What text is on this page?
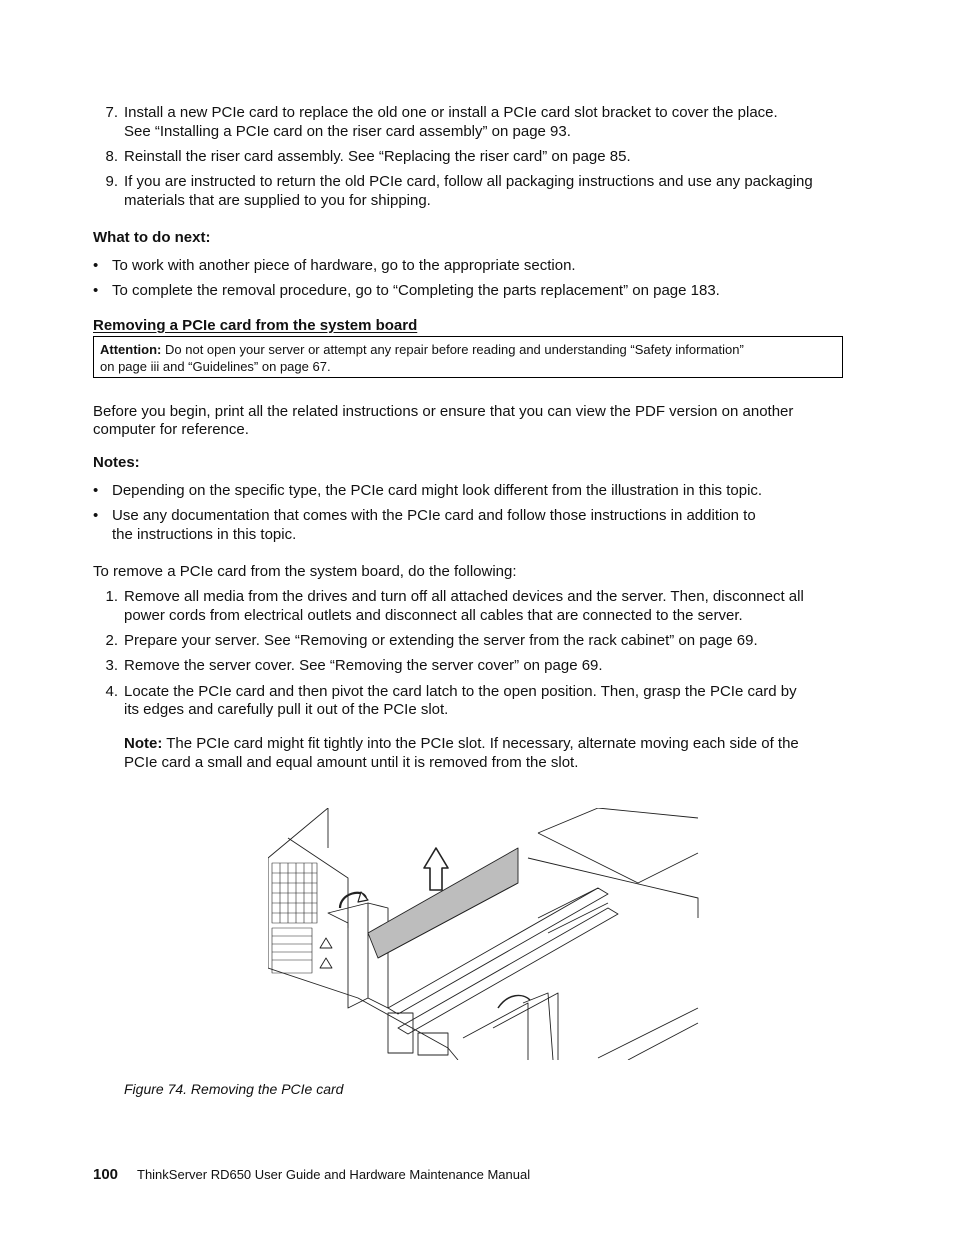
7. Install a new PCIe card to replace the old one or install a PCIe card slot bracket to cover the place.
See “Installing a PCIe card on the riser card assembly” on page 93.
8. Reinstall the riser card assembly. See “Replacing the riser card” on page 85.
9. If you are instructed to return the old PCIe card, follow all packaging instructions and use any packaging
materials that are supplied to you for shipping.
What to do next:
• To work with another piece of hardware, go to the appropriate section.
• To complete the removal procedure, go to “Completing the parts replacement” on page 183.
Removing a PCIe card from the system board
Attention: Do not open your server or attempt any repair before reading and understanding “Safety information”
on page iii and “Guidelines” on page 67.
Before you begin, print all the related instructions or ensure that you can view the PDF version on another
computer for reference.
Notes:
• Depending on the specific type, the PCIe card might look different from the illustration in this topic.
• Use any documentation that comes with the PCIe card and follow those instructions in addition to
the instructions in this topic.
To remove a PCIe card from the system board, do the following:
1. Remove all media from the drives and turn off all attached devices and the server. Then, disconnect all
power cords from electrical outlets and disconnect all cables that are connected to the server.
2. Prepare your server. See “Removing or extending the server from the rack cabinet” on page 69.
3. Remove the server cover. See “Removing the server cover” on page 69.
4. Locate the PCIe card and then pivot the card latch to the open position. Then, grasp the PCIe card by
its edges and carefully pull it out of the PCIe slot.
Note: The PCIe card might fit tightly into the PCIe slot. If necessary, alternate moving each side of the
PCIe card a small and equal amount until it is removed from the slot.
Figure 74. Removing the PCIe card
100 ThinkServer RD650 User Guide and Hardware Maintenance Manual
